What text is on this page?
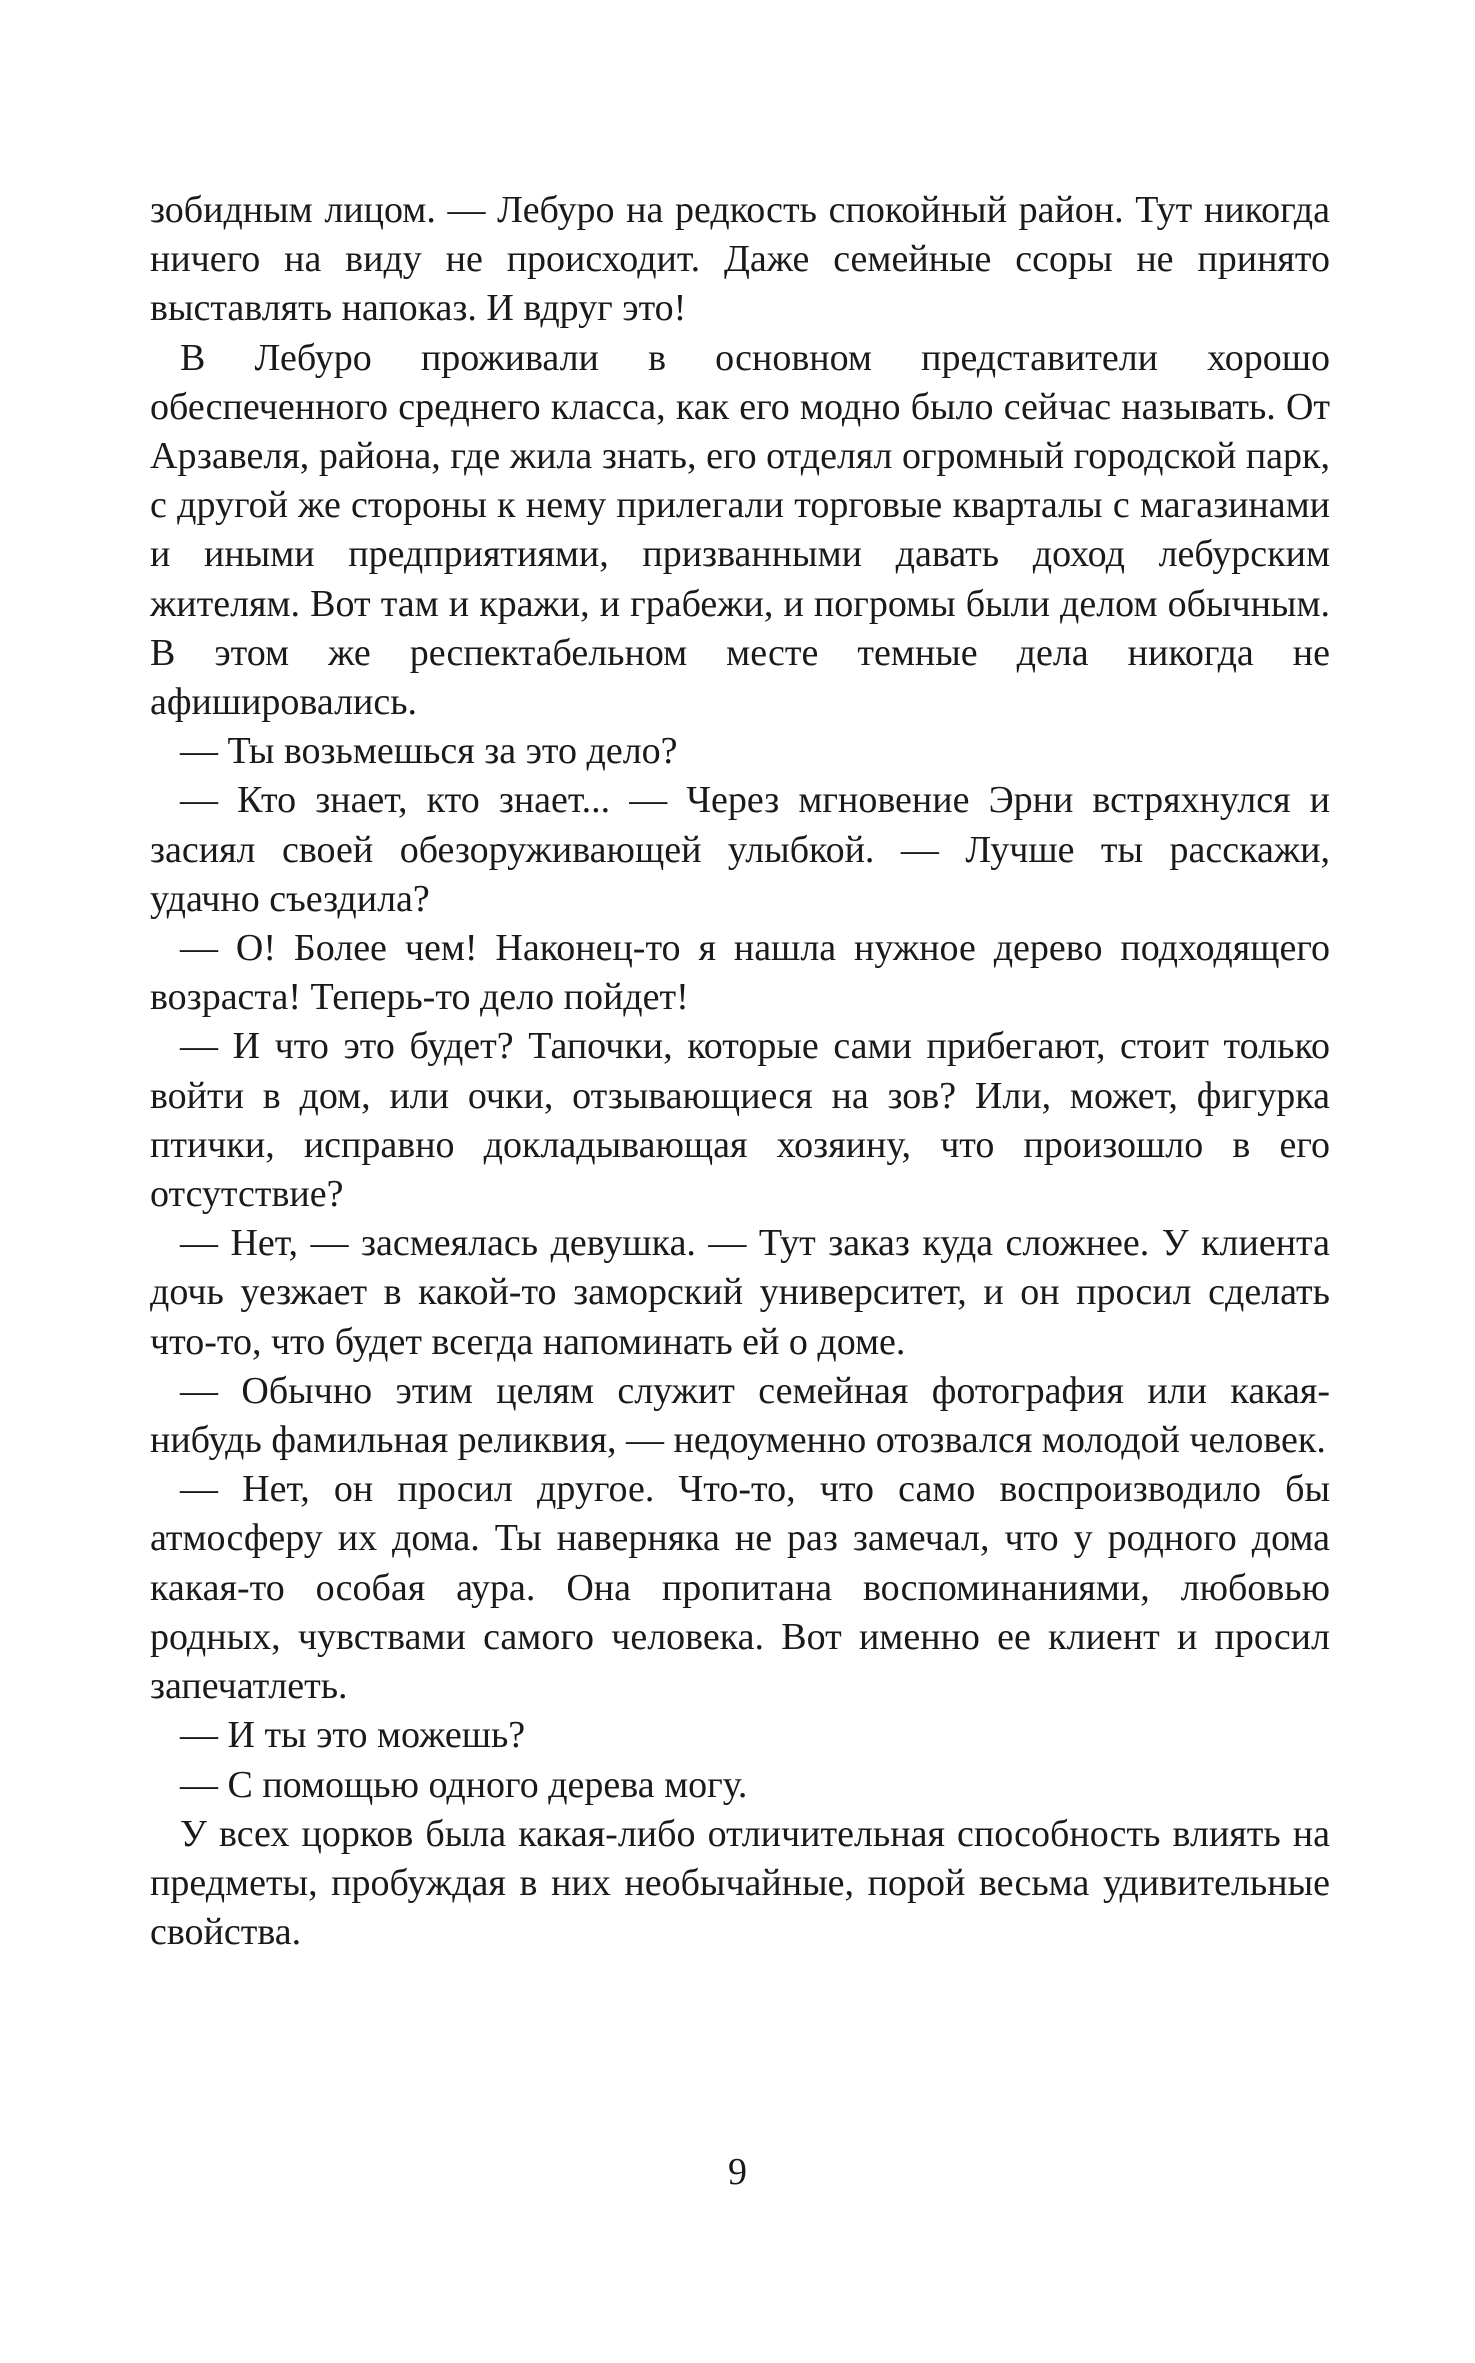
зобидным лицом. — Лебуро на редкость спокойный район. Тут никогда ничего на виду не происходит. Даже семейные ссоры не принято выставлять напоказ. И вдруг это!

В Лебуро проживали в основном представители хорошо обеспеченного среднего класса, как его модно было сейчас называть. От Арзавеля, района, где жила знать, его отделял огромный городской парк, с другой же стороны к нему прилегали торговые кварталы с магазинами и иными предприятиями, призванными давать доход лебурским жителям. Вот там и кражи, и грабежи, и погромы были делом обычным. В этом же респектабельном месте темные дела никогда не афишировались.

— Ты возьмешься за это дело?

— Кто знает, кто знает... — Через мгновение Эрни встряхнулся и засиял своей обезоруживающей улыбкой. — Лучше ты расскажи, удачно съездила?

— О! Более чем! Наконец-то я нашла нужное дерево подходящего возраста! Теперь-то дело пойдет!

— И что это будет? Тапочки, которые сами прибегают, стоит только войти в дом, или очки, отзывающиеся на зов? Или, может, фигурка птички, исправно докладывающая хозяину, что произошло в его отсутствие?

— Нет, — засмеялась девушка. — Тут заказ куда сложнее. У клиента дочь уезжает в какой-то заморский университет, и он просил сделать что-то, что будет всегда напоминать ей о доме.

— Обычно этим целям служит семейная фотография или какая-нибудь фамильная реликвия, — недоуменно отозвался молодой человек.

— Нет, он просил другое. Что-то, что само воспроизводило бы атмосферу их дома. Ты наверняка не раз замечал, что у родного дома какая-то особая аура. Она пропитана воспоминаниями, любовью родных, чувствами самого человека. Вот именно ее клиент и просил запечатлеть.

— И ты это можешь?

— С помощью одного дерева могу.

У всех цорков была какая-либо отличительная способность влиять на предметы, пробуждая в них необычайные, порой весьма удивительные свойства.

9
